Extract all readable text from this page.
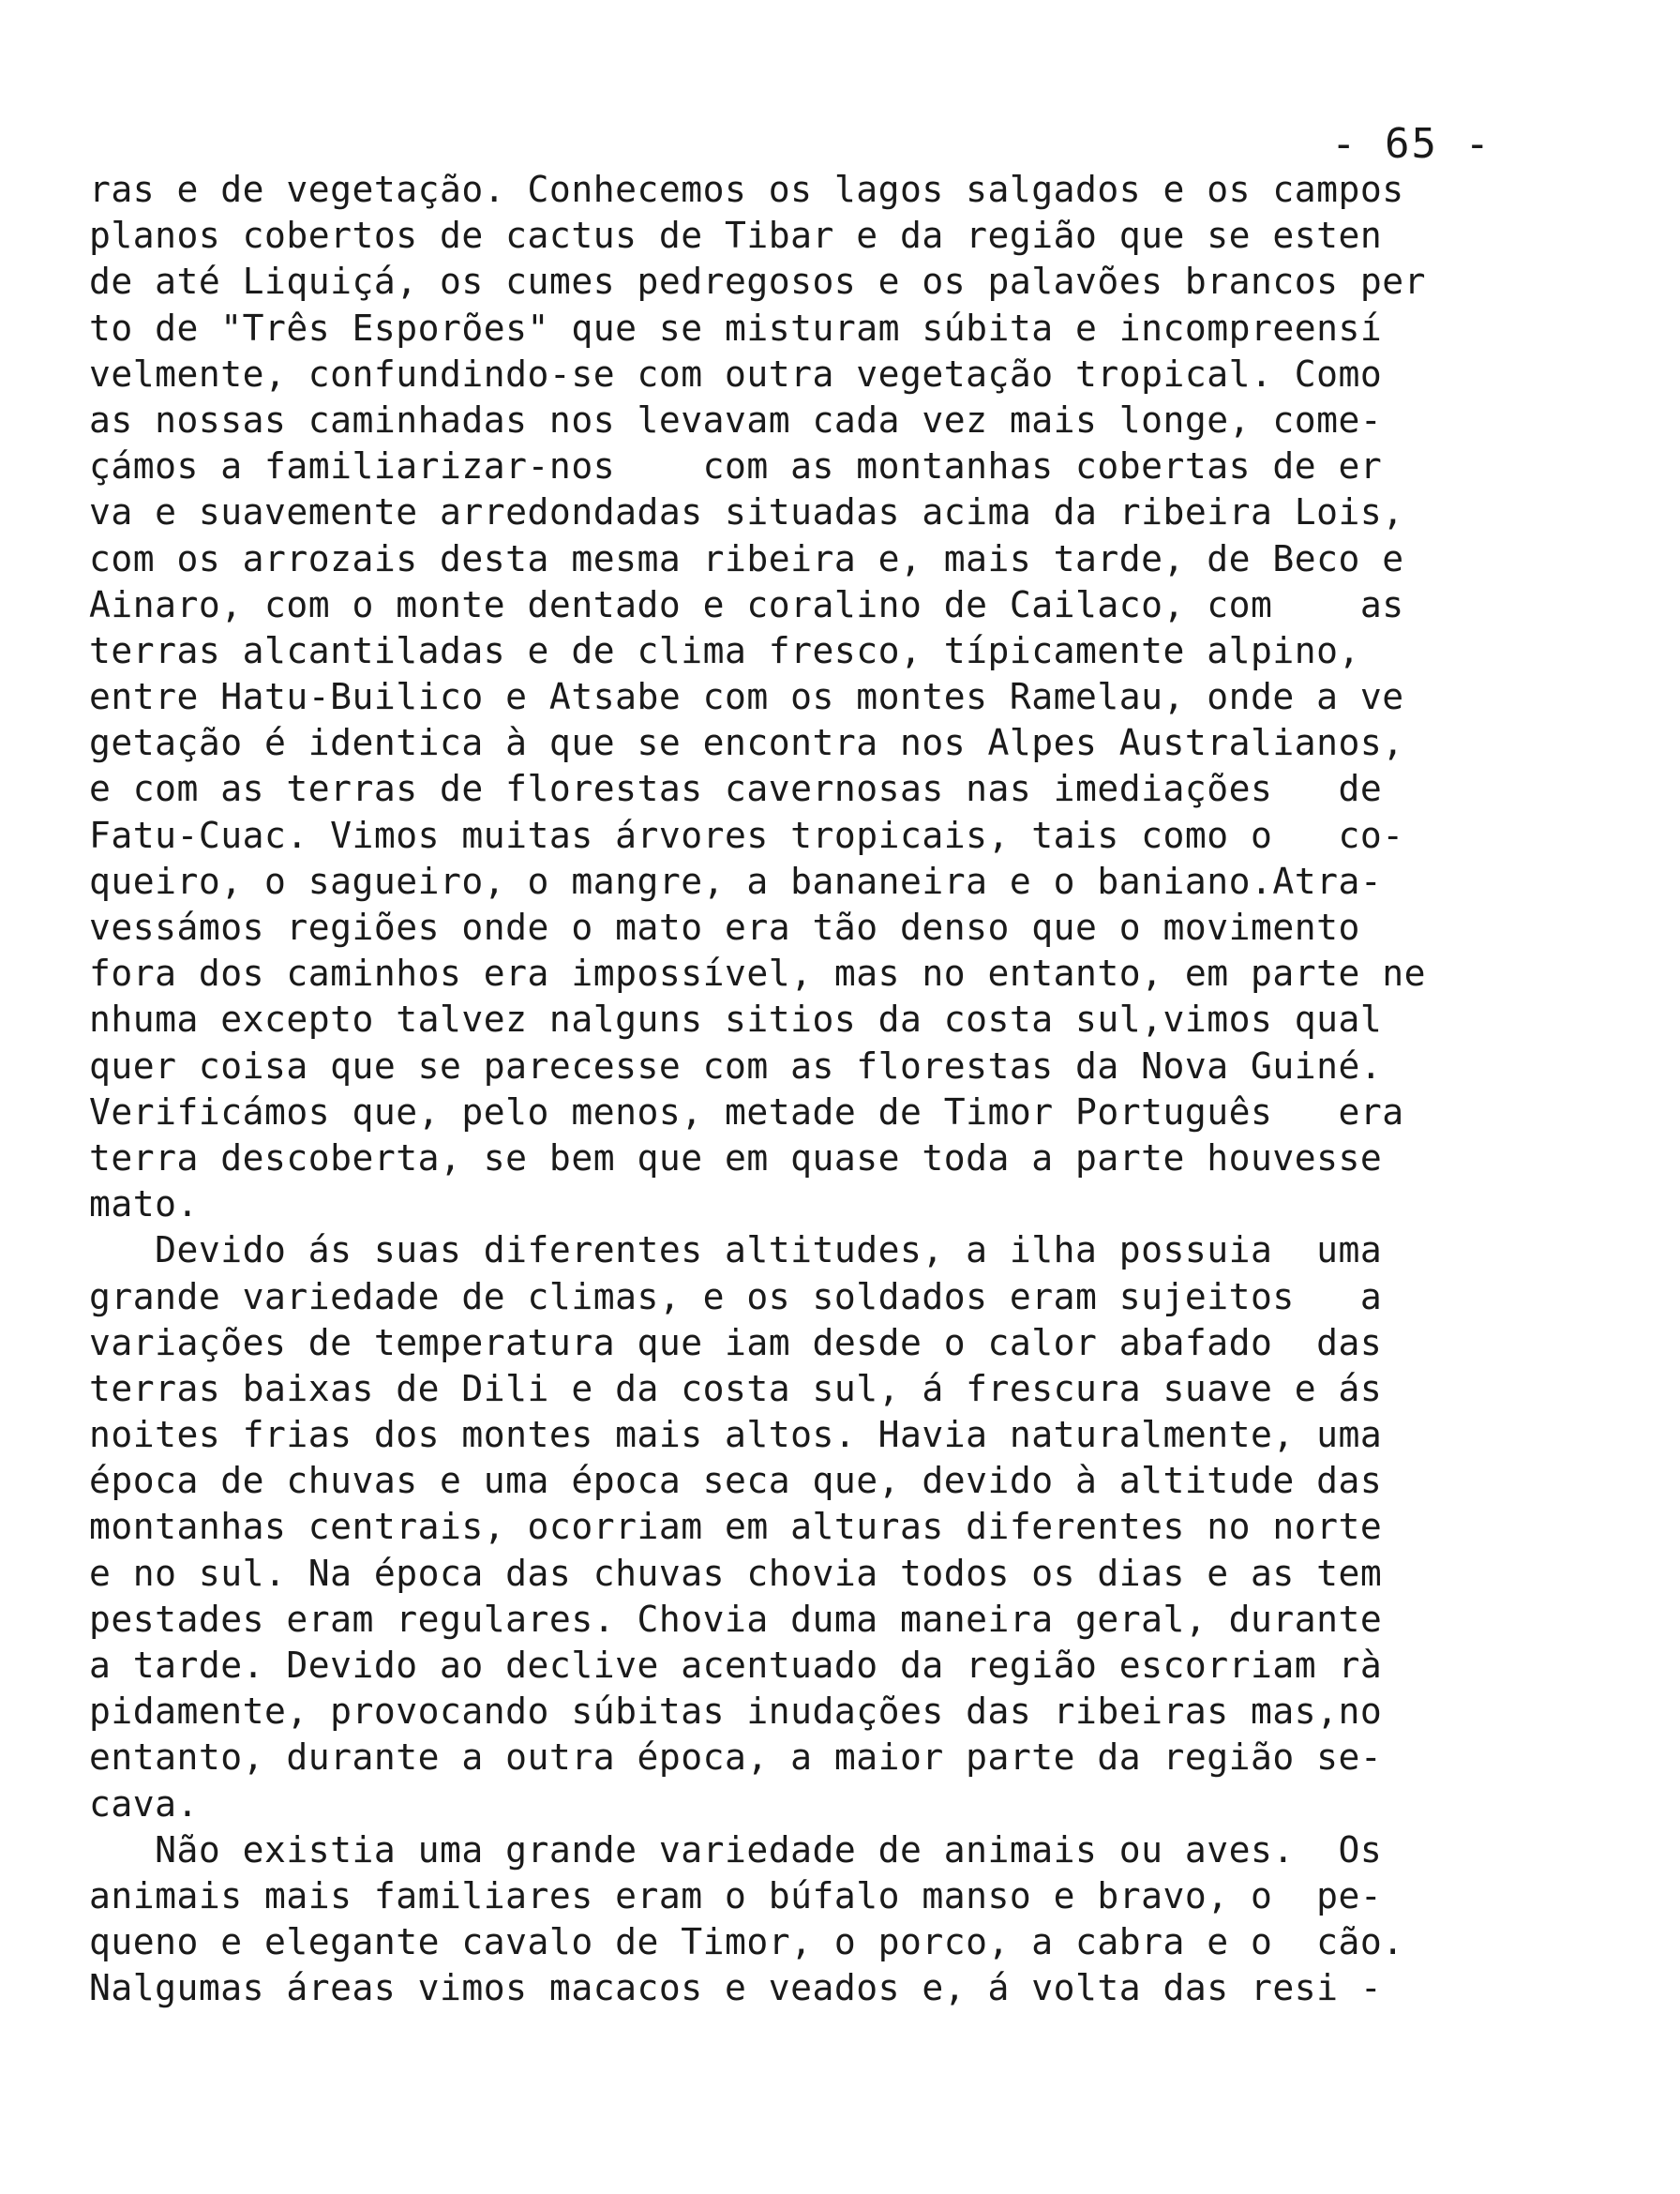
- 65 -
ras e de vegetação. Conhecemos os lagos salgados e os campos
planos cobertos de cactus de Tibar e da região que se esten
de até Liquiçá, os cumes pedregosos e os palavões brancos per
to de "Três Esporões" que se misturam súbita e incompreensí
velmente, confundindo-se com outra vegetação tropical. Como
as nossas caminhadas nos levavam cada vez mais longe, come-
çámos a familiarizar-nos    com as montanhas cobertas de er
va e suavemente arredondadas situadas acima da ribeira Lois,
com os arrozais desta mesma ribeira e, mais tarde, de Beco e
Ainaro, com o monte dentado e coralino de Cailaco, com    as
terras alcantiladas e de clima fresco, típicamente alpino,
entre Hatu-Builico e Atsabe com os montes Ramelau, onde a ve
getação é identica à que se encontra nos Alpes Australianos,
e com as terras de florestas cavernosas nas imediações   de
Fatu-Cuac. Vimos muitas árvores tropicais, tais como o   co-
queiro, o sagueiro, o mangre, a bananeira e o baniano.Atra-
vessámos regiões onde o mato era tão denso que o movimento
fora dos caminhos era impossível, mas no entanto, em parte ne
nhuma excepto talvez nalguns sitios da costa sul,vimos qual
quer coisa que se parecesse com as florestas da Nova Guiné.
Verificámos que, pelo menos, metade de Timor Português   era
terra descoberta, se bem que em quase toda a parte houvesse
mato.
Devido ás suas diferentes altitudes, a ilha possuia  uma
grande variedade de climas, e os soldados eram sujeitos   a
variações de temperatura que iam desde o calor abafado  das
terras baixas de Dili e da costa sul, á frescura suave e ás
noites frias dos montes mais altos. Havia naturalmente, uma
época de chuvas e uma época seca que, devido à altitude das
montanhas centrais, ocorriam em alturas diferentes no norte
e no sul. Na época das chuvas chovia todos os dias e as tem
pestades eram regulares. Chovia duma maneira geral, durante
a tarde. Devido ao declive acentuado da região escorriam rà
pidamente, provocando súbitas inudações das ribeiras mas,no
entanto, durante a outra época, a maior parte da região se-
cava.
Não existia uma grande variedade de animais ou aves.  Os
animais mais familiares eram o búfalo manso e bravo, o  pe-
queno e elegante cavalo de Timor, o porco, a cabra e o  cão.
Nalgumas áreas vimos macacos e veados e, á volta das resi -
